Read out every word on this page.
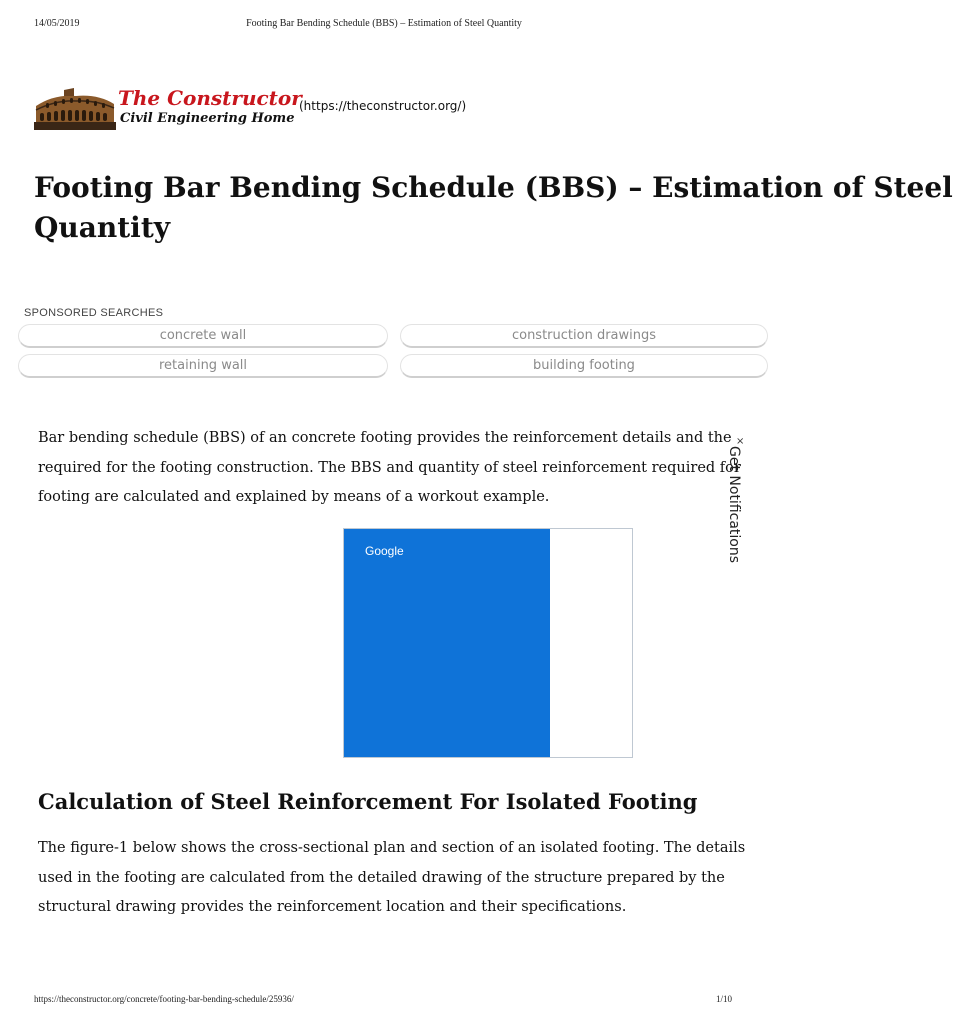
14/05/2019	Footing Bar Bending Schedule (BBS) – Estimation of Steel Quantity
The Constructor
Civil Engineering Home
(https://theconstructor.org/)
Footing Bar Bending Schedule (BBS) – Estimation of Steel
Quantity
SPONSORED SEARCHES
concrete wall	construction drawings
retaining wall	building footing

Bar bending schedule (BBS) of an concrete footing provides the reinforcement details and the
required for the footing construction. The BBS and quantity of steel reinforcement required for
footing are calculated and explained by means of a workout example.

Google
Calculation of Steel Reinforcement For Isolated Footing

The figure-1 below shows the cross-sectional plan and section of an isolated footing. The details
used in the footing are calculated from the detailed drawing of the structure prepared by the
structural drawing provides the reinforcement location and their specifications.

×
Get Notifications
https://theconstructor.org/concrete/footing-bar-bending-schedule/25936/	1/10
